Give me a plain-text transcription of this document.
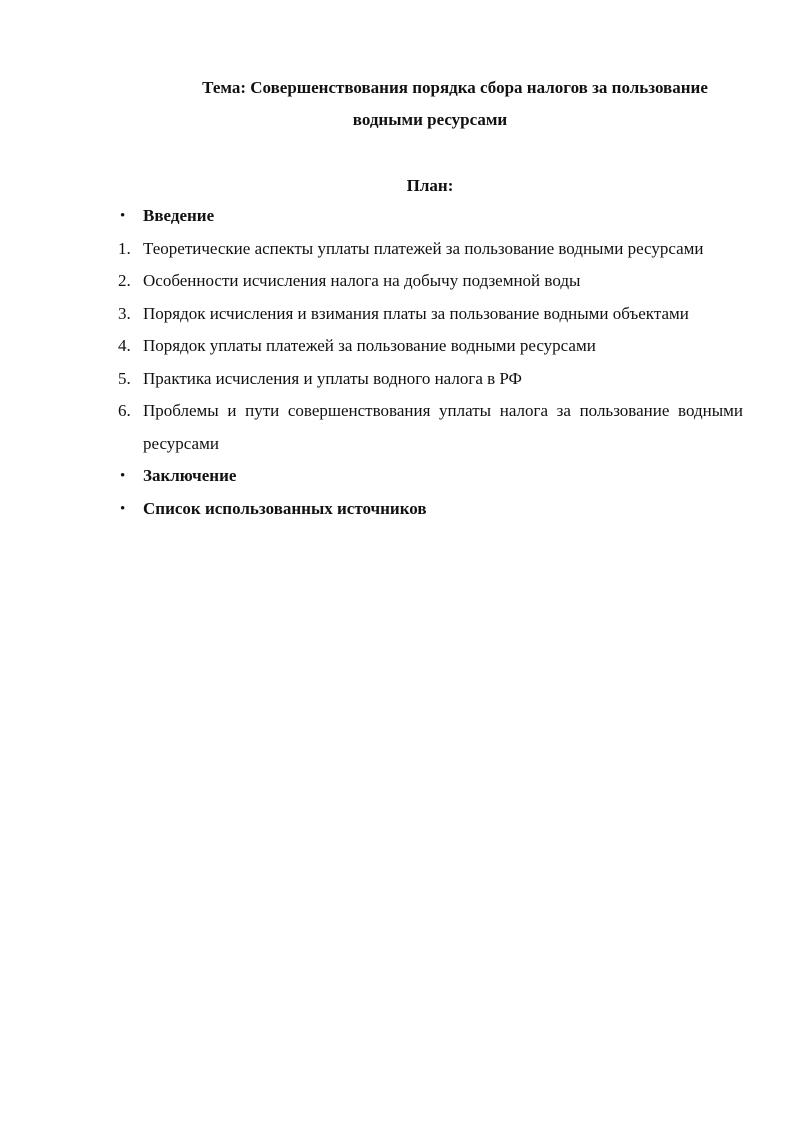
Тема: Совершенствования порядка сбора налогов за пользование
водными ресурсами
План:
•	Введение
1. Теоретические аспекты уплаты платежей за пользование водными ресурсами
2. Особенности исчисления налога на добычу подземной воды
3. Порядок исчисления и взимания платы за пользование водными объектами
4. Порядок уплаты платежей за пользование водными ресурсами
5. Практика исчисления и уплаты водного налога в РФ
6. Проблемы и пути совершенствования уплаты налога за пользование водными ресурсами
•	Заключение
•	Список использованных источников
